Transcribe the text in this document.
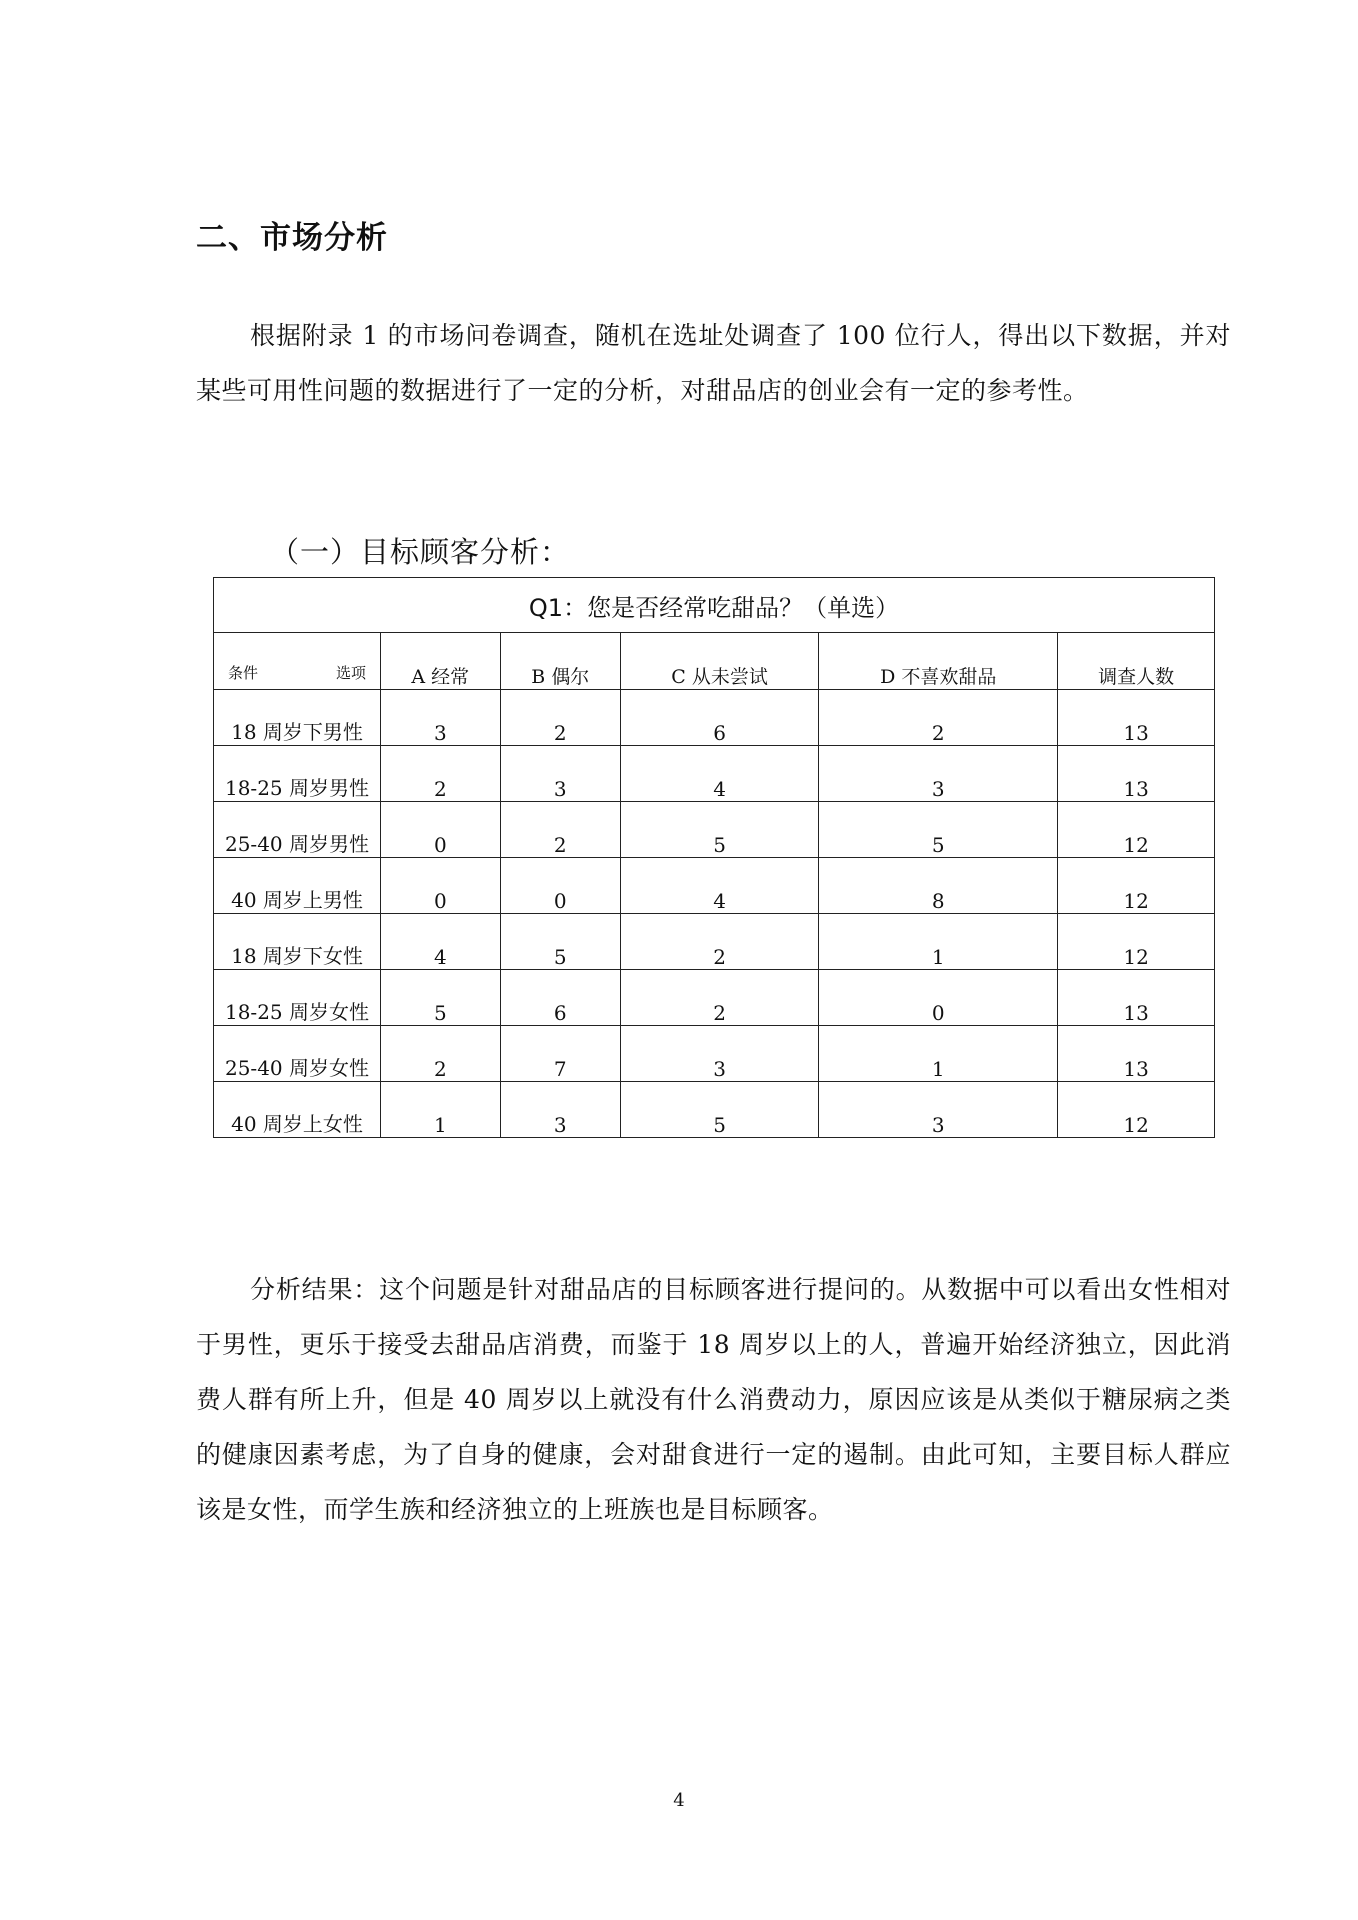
二、市场分析
根据附录 1 的市场问卷调查，随机在选址处调查了 100 位行人，得出以下数据，并对某些可用性问题的数据进行了一定的分析，对甜品店的创业会有一定的参考性。
（一）目标顾客分析：
Q1：您是否经常吃甜品？（单选）					

条件 选项	A 经常	B 偶尔	C 从未尝试	D 不喜欢甜品	调查人数
18 周岁下男性	3	2	6	2	13
18-25 周岁男性	2	3	4	3	13
25-40 周岁男性	0	2	5	5	12
40 周岁上男性	0	0	4	8	12
18 周岁下女性	4	5	2	1	12
18-25 周岁女性	5	6	2	0	13
25-40 周岁女性	2	7	3	1	13
40 周岁上女性	1	3	5	3	12
分析结果：这个问题是针对甜品店的目标顾客进行提问的。从数据中可以看出女性相对于男性，更乐于接受去甜品店消费，而鉴于 18 周岁以上的人，普遍开始经济独立，因此消费人群有所上升，但是 40 周岁以上就没有什么消费动力，原因应该是从类似于糖尿病之类的健康因素考虑，为了自身的健康，会对甜食进行一定的遏制。由此可知，主要目标人群应该是女性，而学生族和经济独立的上班族也是目标顾客。
4
